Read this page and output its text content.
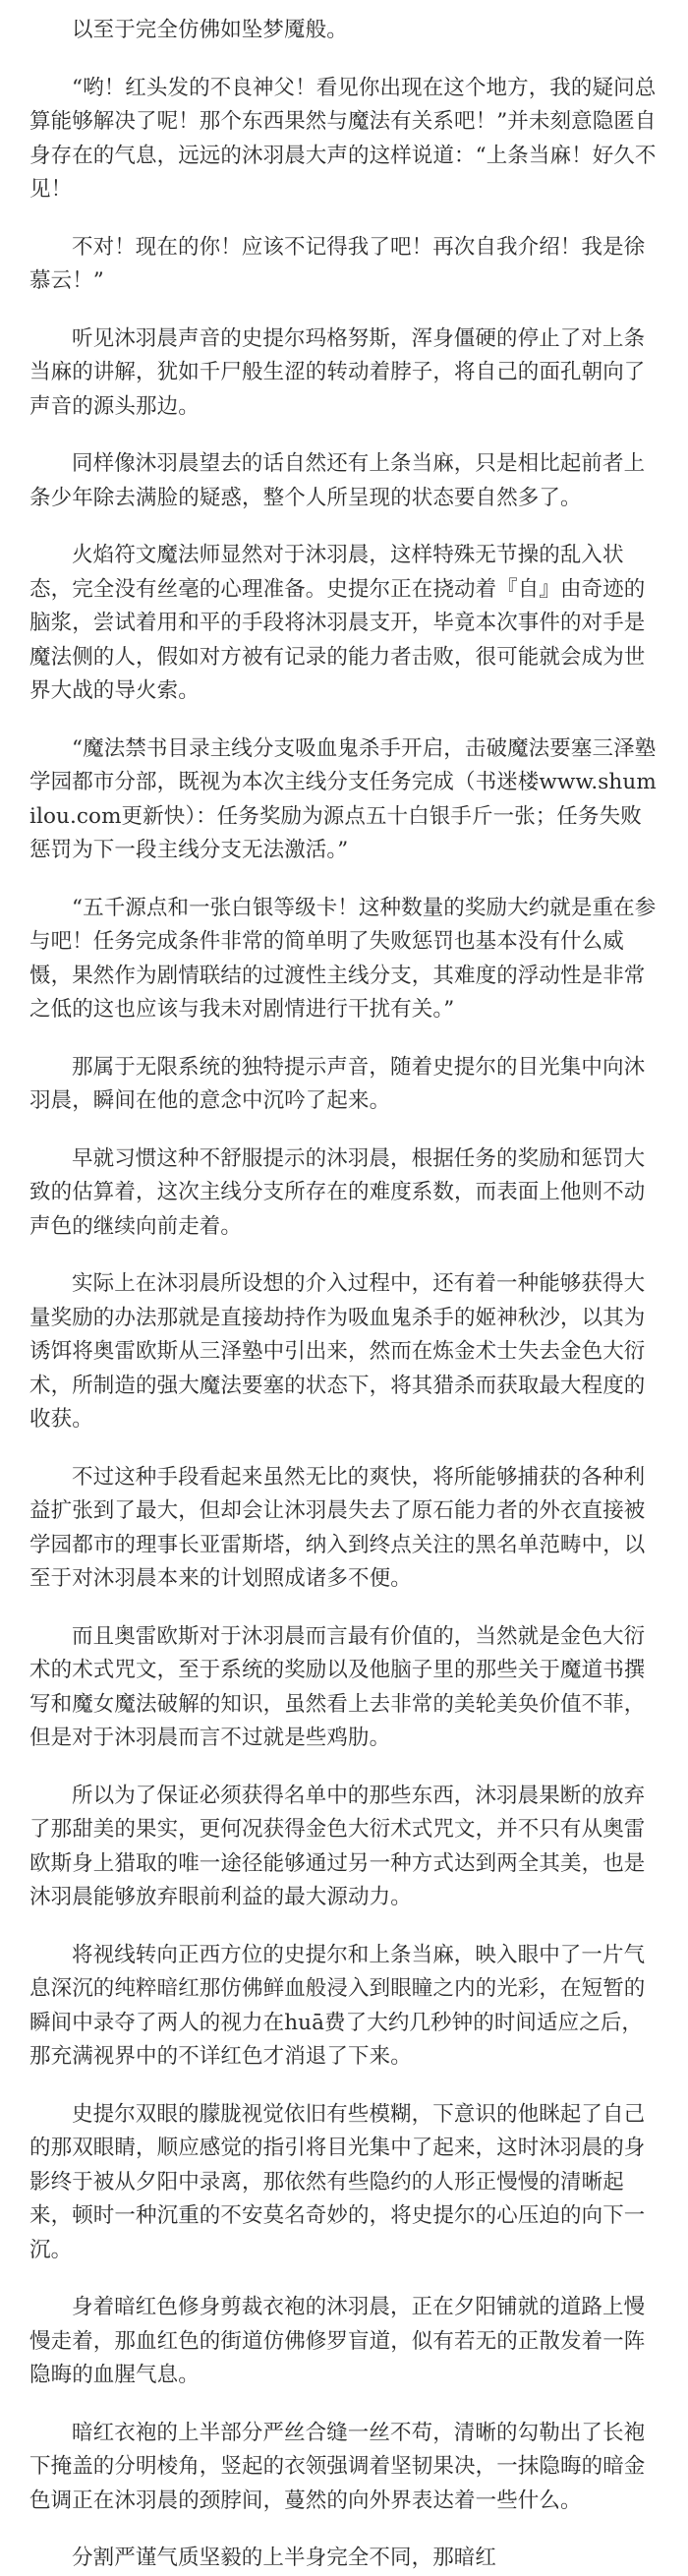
以至于完全仿佛如坠梦魇般。

“哟！红头发的不良神父！看见你出现在这个地方，我的疑问总算能够解决了呢！那个东西果然与魔法有关系吧！”并未刻意隐匿自身存在的气息，远远的沐羽晨大声的这样说道：“上条当麻！好久不见！

不对！现在的你！应该不记得我了吧！再次自我介绍！我是徐慕云！”

听见沐羽晨声音的史提尔玛格努斯，浑身僵硬的停止了对上条当麻的讲解，犹如千尸般生涩的转动着脖子，将自己的面孔朝向了声音的源头那边。

同样像沐羽晨望去的话自然还有上条当麻，只是相比起前者上条少年除去满脸的疑惑，整个人所呈现的状态要自然多了。

火焰符文魔法师显然对于沐羽晨，这样特殊无节操的乱入状态，完全没有丝毫的心理准备。史提尔正在挠动着『自』由奇迹的脑浆，尝试着用和平的手段将沐羽晨支开，毕竟本次事件的对手是魔法侧的人，假如对方被有记录的能力者击败，很可能就会成为世界大战的导火索。

“魔法禁书目录主线分支吸血鬼杀手开启，击破魔法要塞三泽塾学园都市分部，既视为本次主线分支任务完成（书迷楼www.shumilou.com更新快）：任务奖励为源点五十白银手斤一张；任务失败惩罚为下一段主线分支无法激活。”

“五千源点和一张白银等级卡！这种数量的奖励大约就是重在参与吧！任务完成条件非常的简单明了失败惩罚也基本没有什么威慑，果然作为剧情联结的过渡性主线分支，其难度的浮动性是非常之低的这也应该与我未对剧情进行干扰有关。”

那属于无限系统的独特提示声音，随着史提尔的目光集中向沐羽晨，瞬间在他的意念中沉吟了起来。

早就习惯这种不舒服提示的沐羽晨，根据任务的奖励和惩罚大致的估算着，这次主线分支所存在的难度系数，而表面上他则不动声色的继续向前走着。

实际上在沐羽晨所设想的介入过程中，还有着一种能够获得大量奖励的办法那就是直接劫持作为吸血鬼杀手的姬神秋沙，以其为诱饵将奥雷欧斯从三泽塾中引出来，然而在炼金术士失去金色大衍术，所制造的强大魔法要塞的状态下，将其猎杀而获取最大程度的收获。

不过这种手段看起来虽然无比的爽快，将所能够捕获的各种利益扩张到了最大，但却会让沐羽晨失去了原石能力者的外衣直接被学园都市的理事长亚雷斯塔，纳入到终点关注的黑名单范畴中，以至于对沐羽晨本来的计划照成诸多不便。

而且奥雷欧斯对于沐羽晨而言最有价值的，当然就是金色大衍术的术式咒文，至于系统的奖励以及他脑子里的那些关于魔道书撰写和魔女魔法破解的知识，虽然看上去非常的美轮美奂价值不菲，但是对于沐羽晨而言不过就是些鸡肋。

所以为了保证必须获得名单中的那些东西，沐羽晨果断的放弃了那甜美的果实，更何况获得金色大衍术式咒文，并不只有从奥雷欧斯身上猎取的唯一途径能够通过另一种方式达到两全其美，也是沐羽晨能够放弃眼前利益的最大源动力。

将视线转向正西方位的史提尔和上条当麻，映入眼中了一片气息深沉的纯粹暗红那仿佛鲜血般浸入到眼瞳之内的光彩，在短暂的瞬间中录夺了两人的视力在huā费了大约几秒钟的时间适应之后，那充满视界中的不详红色才消退了下来。

史提尔双眼的朦胧视觉依旧有些模糊，下意识的他眯起了自己的那双眼睛，顺应感觉的指引将目光集中了起来，这时沐羽晨的身影终于被从夕阳中录离，那依然有些隐约的人形正慢慢的清晰起来，顿时一种沉重的不安莫名奇妙的，将史提尔的心压迫的向下一沉。

身着暗红色修身剪裁衣袍的沐羽晨，正在夕阳铺就的道路上慢慢走着，那血红色的街道仿佛修罗盲道，似有若无的正散发着一阵隐晦的血腥气息。

暗红衣袍的上半部分严丝合缝一丝不苟，清晰的勾勒出了长袍下掩盖的分明棱角，竖起的衣领强调着坚韧果决，一抹隐晦的暗金色调正在沐羽晨的颈脖间，蔓然的向外界表达着一些什么。

分割严谨气质坚毅的上半身完全不同，那暗红
